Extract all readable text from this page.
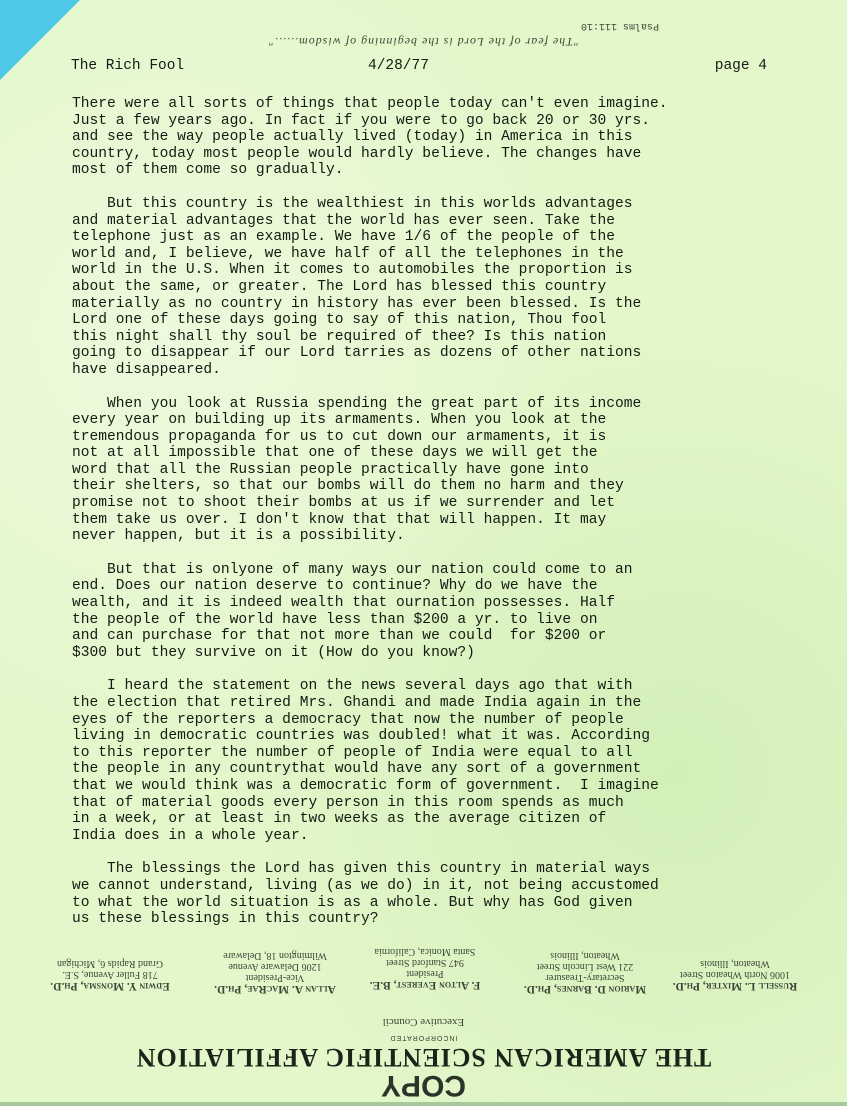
Psalms 111:10
"The fear of the Lord is the beginning of wisdom......"
The Rich Fool	4/28/77	page 4

There were all sorts of things that people today can't even imagine.
Just a few years ago. In fact if you were to go back 20 or 30 yrs.
and see the way people actually lived (today) in America in this
country, today most people would hardly believe. The changes have
most of them come so gradually.

But this country is the wealthiest in this worlds advantages
and material advantages that the world has ever seen. Take the
telephone just as an example. We have 1/6 of the people of the
world and, I believe, we have half of all the telephones in the
world in the U.S. When it comes to automobiles the proportion is
about the same, or greater. The Lord has blessed this country
materially as no country in history has ever been blessed. Is the
Lord one of these days going to say of this nation, Thou fool
this night shall thy soul be required of thee? Is this nation
going to disappear if our Lord tarries as dozens of other nations
have disappeared.

When you look at Russia spending the great part of its income
every year on building up its armaments. When you look at the
tremendous propaganda for us to cut down our armaments, it is
not at all impossible that one of these days we will get the
word that all the Russian people practically have gone into
their shelters, so that our bombs will do them no harm and they
promise not to shoot their bombs at us if we surrender and let
them take us over. I don't know that that will happen. It may
never happen, but it is a possibility.

But that is onlyone of many ways our nation could come to an
end. Does our nation deserve to continue? Why do we have the
wealth, and it is indeed wealth that ournation possesses. Half
the people of the world have less than $200 a yr. to live on
and can purchase for that not more than we could  for $200 or
$300 but they survive on it (How do you know?)

I heard the statement on the news several days ago that with
the election that retired Mrs. Ghandi and made India again in the
eyes of the reporters a democracy that now the number of people
living in democratic countries was doubled! what it was. According
to this reporter the number of people of India were equal to all
the people in any countrythat would have any sort of a government
that we would think was a democratic form of government.  I imagine
that of material goods every person in this room spends as much
in a week, or at least in two weeks as the average citizen of
India does in a whole year.

The blessings the Lord has given this country in material ways
we cannot understand, living (as we do) in it, not being accustomed
to what the world situation is as a whole. But why has God given
us these blessings in this country?

Russell L. Mixter, Ph.D.
1006 North Wheaton Street
Wheaton, Illinois
Marion D. Barnes, Ph.D.
Secretary-Treasurer
221 West Lincoln Street
Wheaton, Illinois
F. Alton Everest, B.E.
President
947 Stanford Street
Santa Monica, California
Allan A. MacRae, Ph.D.
Vice-President
1206 Delaware Avenue
Wilmington 18, Delaware
Edwin Y. Monsma, Ph.D.
718 Fuller Avenue, S.E.
Grand Rapids 6, Michigan
Executive Council
INCORPORATED
THE AMERICAN SCIENTIFIC AFFILIATION
COPY
